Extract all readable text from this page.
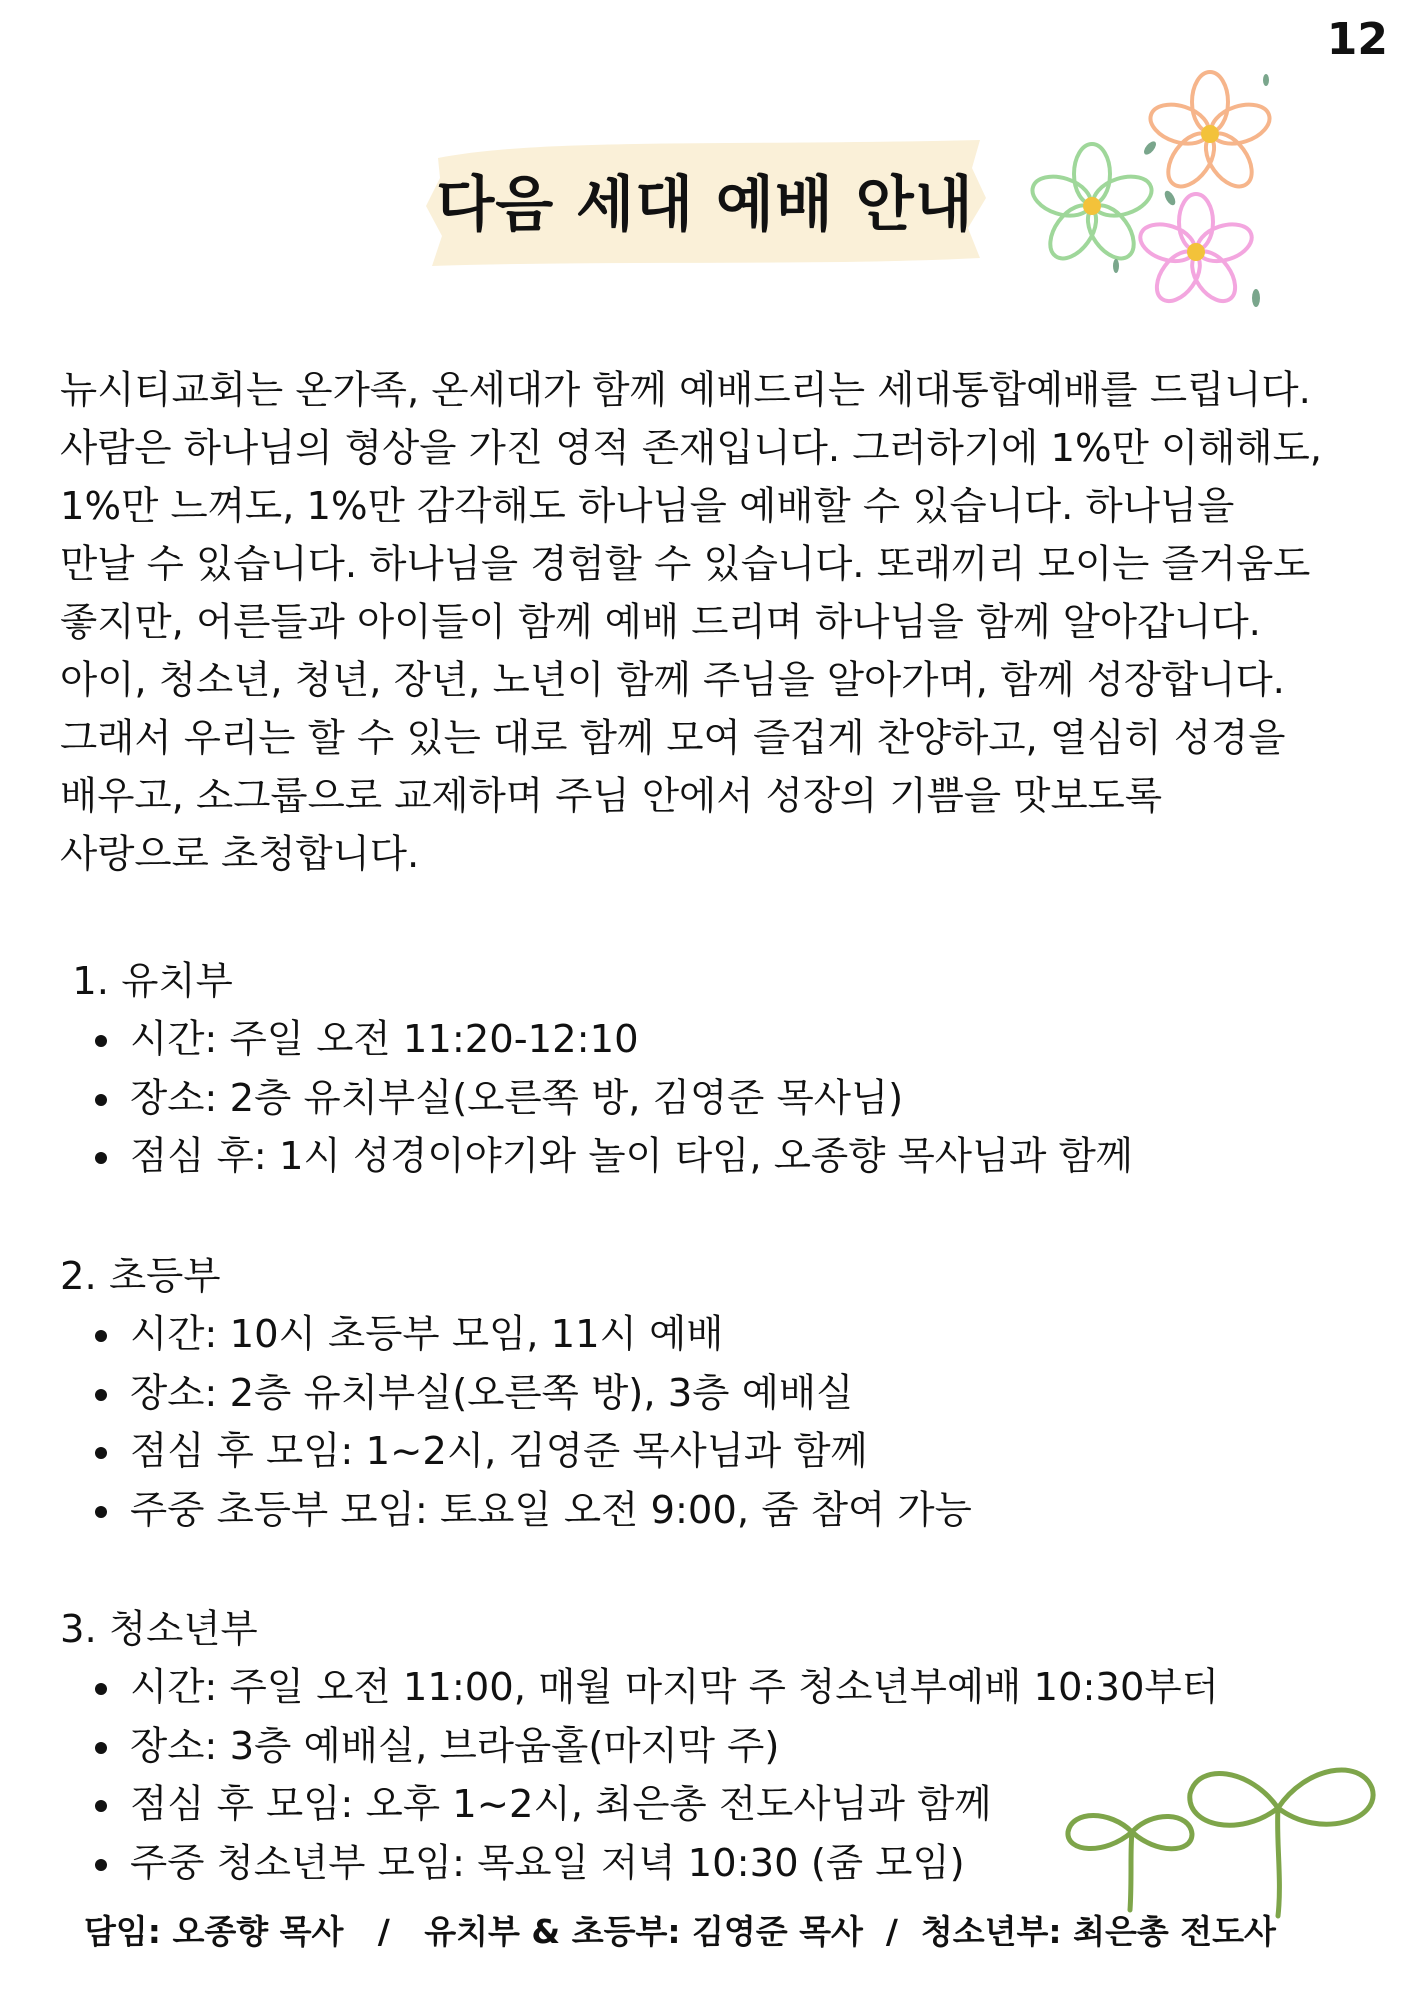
12
다음 세대 예배 안내
뉴시티교회는 온가족, 온세대가 함께 예배드리는 세대통합예배를 드립니다.
사람은 하나님의 형상을 가진 영적 존재입니다. 그러하기에 1%만 이해해도,
1%만 느껴도, 1%만 감각해도 하나님을 예배할 수 있습니다. 하나님을
만날 수 있습니다. 하나님을 경험할 수 있습니다. 또래끼리 모이는 즐거움도
좋지만, 어른들과 아이들이 함께 예배 드리며 하나님을 함께 알아갑니다.
아이, 청소년, 청년, 장년, 노년이 함께 주님을 알아가며, 함께 성장합니다.
그래서 우리는 할 수 있는 대로 함께 모여 즐겁게 찬양하고, 열심히 성경을
배우고, 소그룹으로 교제하며 주님 안에서 성장의 기쁨을 맛보도록
사랑으로 초청합니다.
1. 유치부
시간: 주일 오전 11:20-12:10
장소: 2층 유치부실(오른쪽 방, 김영준 목사님)
점심 후: 1시 성경이야기와 놀이 타임, 오종향 목사님과 함께
2. 초등부
시간: 10시 초등부 모임, 11시 예배
장소: 2층 유치부실(오른쪽 방), 3층 예배실
점심 후 모임: 1~2시, 김영준 목사님과 함께
주중 초등부 모임: 토요일 오전 9:00, 줌 참여 가능
3. 청소년부
시간: 주일 오전 11:00, 매월 마지막 주 청소년부예배 10:30부터
장소: 3층 예배실, 브라움홀(마지막 주)
점심 후 모임: 오후 1~2시, 최은총 전도사님과 함께
주중 청소년부 모임: 목요일 저녁 10:30 (줌 모임)
담임: 오종향 목사   /   유치부 & 초등부: 김영준 목사  /  청소년부: 최은총 전도사
